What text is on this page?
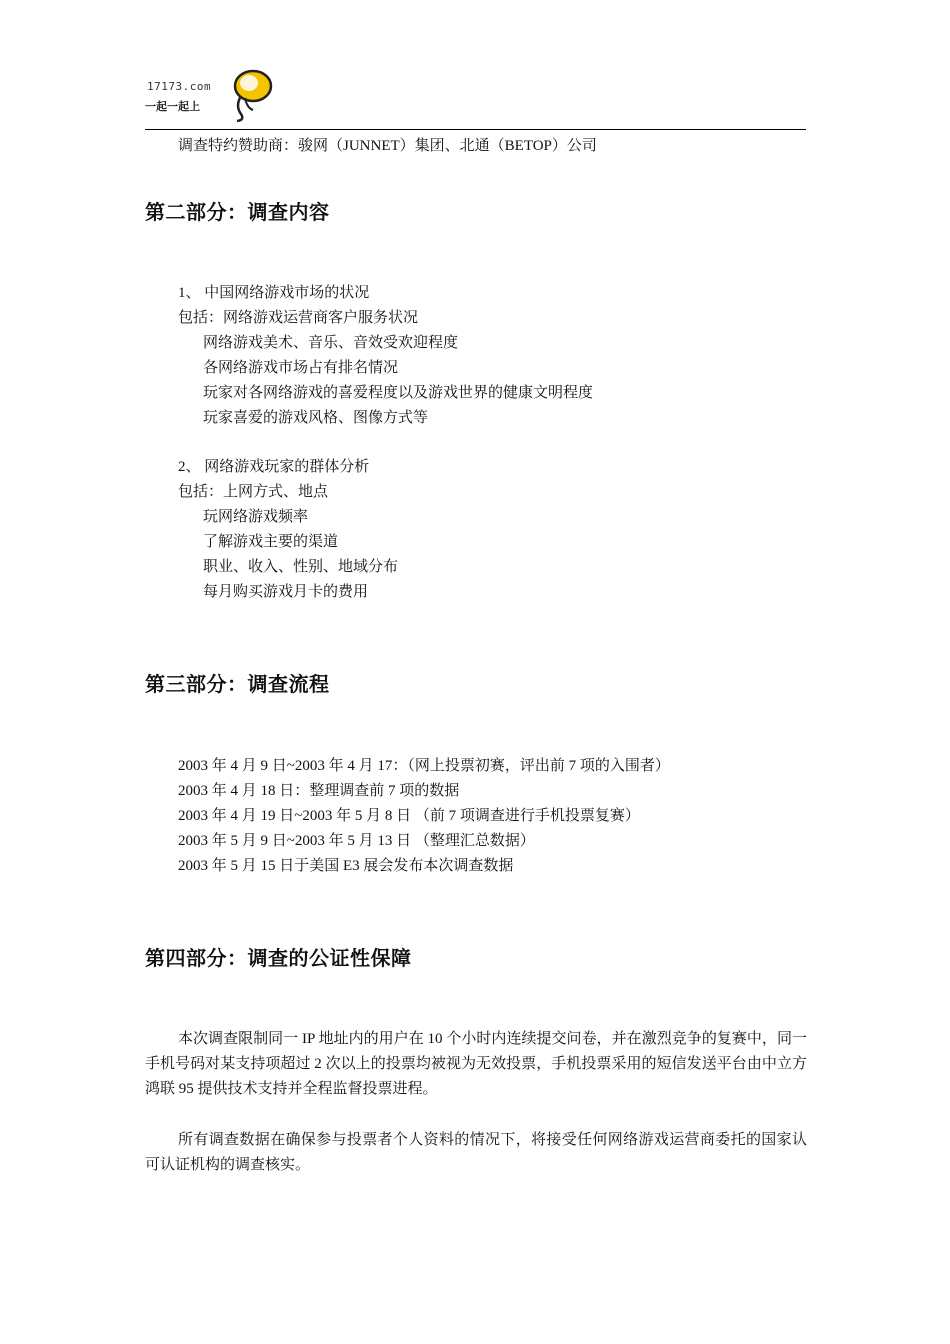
17173.com
一起一起上
调查特约赞助商：骏网（JUNNET）集团、北通（BETOP）公司
第二部分：调查内容
1、 中国网络游戏市场的状况
包括：网络游戏运营商客户服务状况
网络游戏美术、音乐、音效受欢迎程度
各网络游戏市场占有排名情况
玩家对各网络游戏的喜爱程度以及游戏世界的健康文明程度
玩家喜爱的游戏风格、图像方式等
2、 网络游戏玩家的群体分析
包括：上网方式、地点
玩网络游戏频率
了解游戏主要的渠道
职业、收入、性别、地域分布
每月购买游戏月卡的费用
第三部分：调查流程
2003 年 4 月 9 日~2003 年 4 月 17：（网上投票初赛，评出前 7 项的入围者）
2003 年 4 月 18 日：整理调查前 7 项的数据
2003 年 4 月 19 日~2003 年 5 月 8 日 （前 7 项调查进行手机投票复赛）
2003 年 5 月 9 日~2003 年 5 月 13 日 （整理汇总数据）
2003 年 5 月 15 日于美国 E3 展会发布本次调查数据
第四部分：调查的公证性保障

本次调查限制同一 IP 地址内的用户在 10 个小时内连续提交问卷，并在激烈竞争的复赛中，同一手机号码对某支持项超过 2 次以上的投票均被视为无效投票，手机投票采用的短信发送平台由中立方鸿联 95 提供技术支持并全程监督投票进程。

所有调查数据在确保参与投票者个人资料的情况下，将接受任何网络游戏运营商委托的国家认可认证机构的调查核实。
